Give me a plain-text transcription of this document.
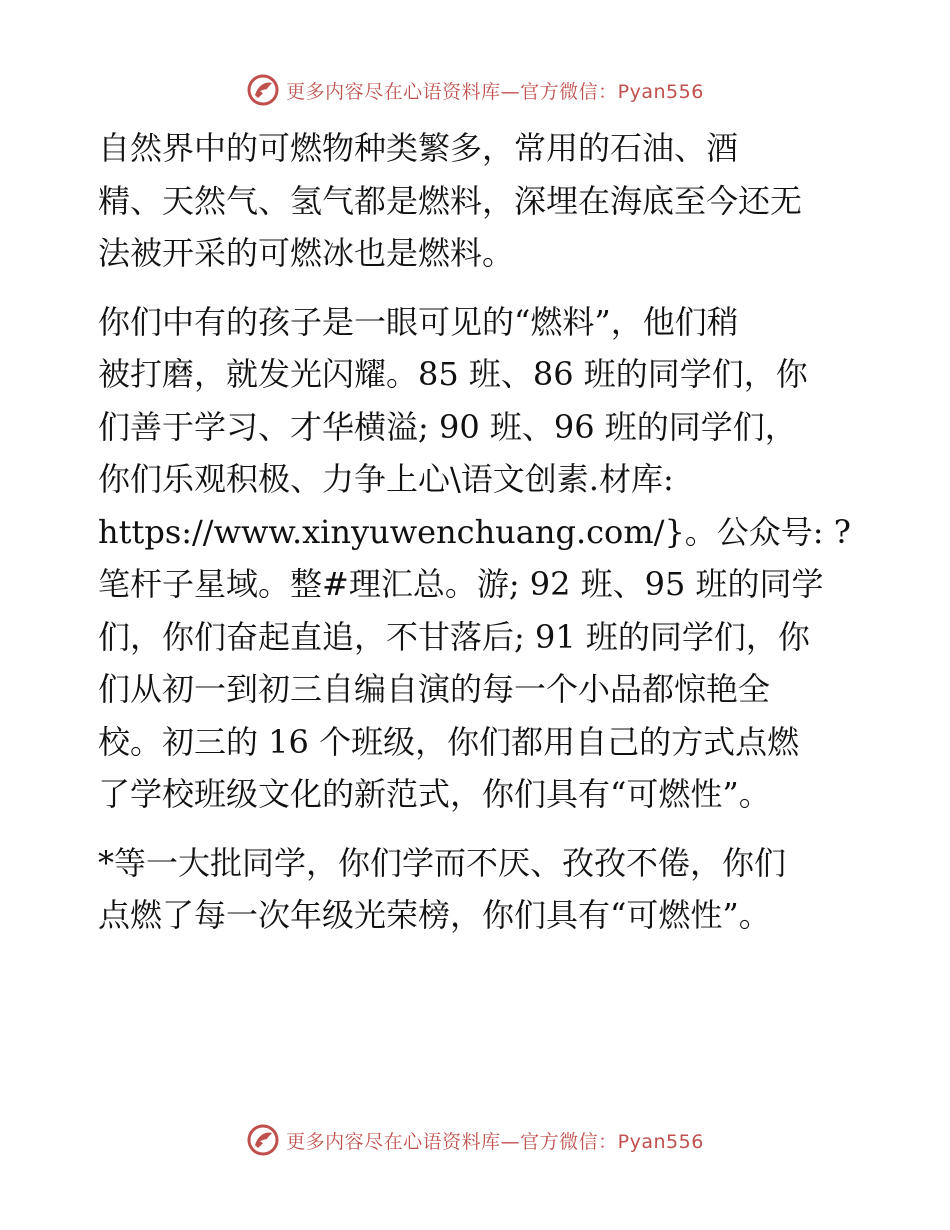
更多内容尽在心语资料库—官方微信：Pyan556
自然界中的可燃物种类繁多，常用的石油、酒
精、天然气、氢气都是燃料，深埋在海底至今还无
法被开采的可燃冰也是燃料。
你们中有的孩子是一眼可见的“燃料”，他们稍
被打磨，就发光闪耀。85 班、86 班的同学们，你
们善于学习、才华横溢; 90 班、96 班的同学们，
你们乐观积极、力争上心\语文创素.材库:
https://www.xinyuwenchuang.com/}。公众号: ?
笔杆子星域。整#理汇总。游; 92 班、95 班的同学
们，你们奋起直追，不甘落后; 91 班的同学们，你
们从初一到初三自编自演的每一个小品都惊艳全
校。初三的 16 个班级，你们都用自己的方式点燃
了学校班级文化的新范式，你们具有“可燃性”。
*等一大批同学，你们学而不厌、孜孜不倦，你们
点燃了每一次年级光荣榜，你们具有“可燃性”。
更多内容尽在心语资料库—官方微信：Pyan556
